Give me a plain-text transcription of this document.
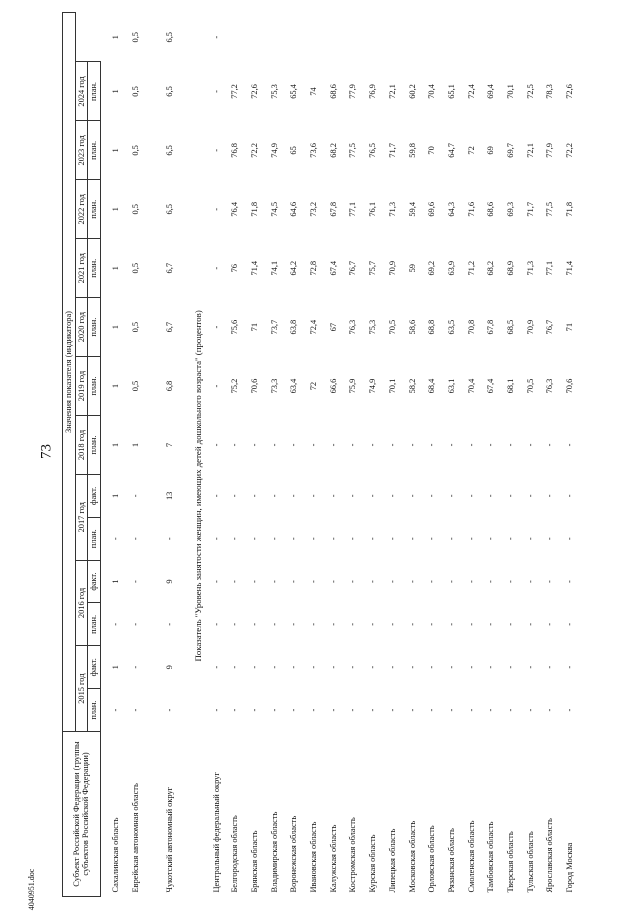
73
4040951.doc
Субъект Российской Федерации (группы субъектов Российской Федерации)	Значения показателя (индикатора)													
	2015 год		2016 год		2017 год		2018 год	2019 год	2020 год	2021 год	2022 год	2023 год	2024 год	
	план.	факт.	план.	факт.	план.	факт.	план.	план.	план.	план.	план.	план.	план.	

Сахалинская область	-	1	-	1	-	1	1	1	1	1	1	1	1	1
Еврейская автономная область	-	-	-	-	-	-	1	0,5	0,5	0,5	0,5	0,5	0,5	0,5
Чукотский автономный округ	-	9	-	9	-	13	7	6,8	6,7	6,7	6,5	6,5	6,5	6,5
	Показатель "Уровень занятости женщин, имеющих детей дошкольного возраста" (процентов)													
Центральный федеральный округ	-	-	-	-	-	-	-	-	-	-	-	-	-	-
Белгородская область	-	-	-	-	-	-	-	75,2	75,6	76	76,4	76,8	77,2	
Брянская область	-	-	-	-	-	-	-	70,6	71	71,4	71,8	72,2	72,6	
Владимирская область	-	-	-	-	-	-	-	73,3	73,7	74,1	74,5	74,9	75,3	
Воронежская область	-	-	-	-	-	-	-	63,4	63,8	64,2	64,6	65	65,4	
Ивановская область	-	-	-	-	-	-	-	72	72,4	72,8	73,2	73,6	74	
Калужская область	-	-	-	-	-	-	-	66,6	67	67,4	67,8	68,2	68,6	
Костромская область	-	-	-	-	-	-	-	75,9	76,3	76,7	77,1	77,5	77,9	
Курская область	-	-	-	-	-	-	-	74,9	75,3	75,7	76,1	76,5	76,9	
Липецкая область	-	-	-	-	-	-	-	70,1	70,5	70,9	71,3	71,7	72,1	
Московская область	-	-	-	-	-	-	-	58,2	58,6	59	59,4	59,8	60,2	
Орловская область	-	-	-	-	-	-	-	68,4	68,8	69,2	69,6	70	70,4	
Рязанская область	-	-	-	-	-	-	-	63,1	63,5	63,9	64,3	64,7	65,1	
Смоленская область	-	-	-	-	-	-	-	70,4	70,8	71,2	71,6	72	72,4	
Тамбовская область	-	-	-	-	-	-	-	67,4	67,8	68,2	68,6	69	69,4	
Тверская область	-	-	-	-	-	-	-	68,1	68,5	68,9	69,3	69,7	70,1	
Тульская область	-	-	-	-	-	-	-	70,5	70,9	71,3	71,7	72,1	72,5	
Ярославская область	-	-	-	-	-	-	-	76,3	76,7	77,1	77,5	77,9	78,3	
Город Москва	-	-	-	-	-	-	-	70,6	71	71,4	71,8	72,2	72,6	
